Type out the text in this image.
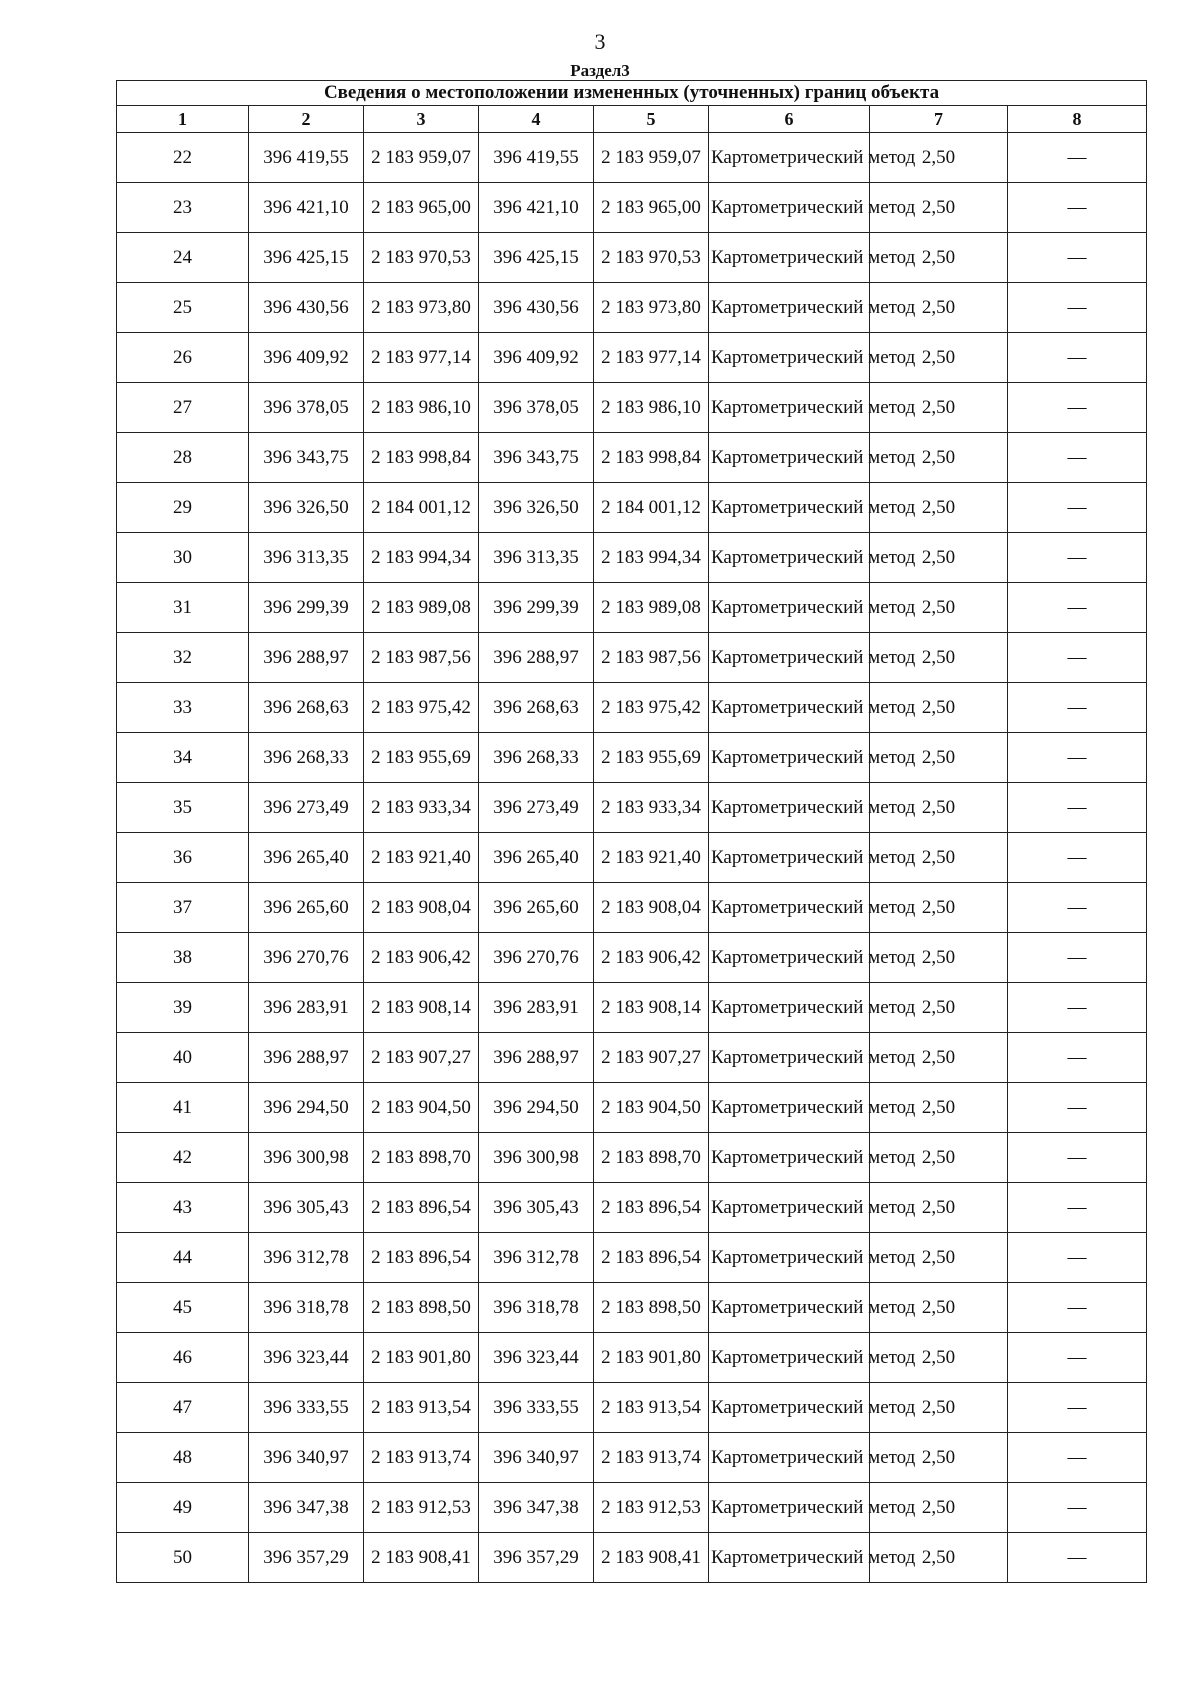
3
Раздел3
Сведения о местоположении измененных (уточненных) границ объекта							
1	2	3	4	5	6	7	8
22	396 419,55	2 183 959,07	396 419,55	2 183 959,07	Картометрический метод	2,50	—
23	396 421,10	2 183 965,00	396 421,10	2 183 965,00	Картометрический метод	2,50	—
24	396 425,15	2 183 970,53	396 425,15	2 183 970,53	Картометрический метод	2,50	—
25	396 430,56	2 183 973,80	396 430,56	2 183 973,80	Картометрический метод	2,50	—
26	396 409,92	2 183 977,14	396 409,92	2 183 977,14	Картометрический метод	2,50	—
27	396 378,05	2 183 986,10	396 378,05	2 183 986,10	Картометрический метод	2,50	—
28	396 343,75	2 183 998,84	396 343,75	2 183 998,84	Картометрический метод	2,50	—
29	396 326,50	2 184 001,12	396 326,50	2 184 001,12	Картометрический метод	2,50	—
30	396 313,35	2 183 994,34	396 313,35	2 183 994,34	Картометрический метод	2,50	—
31	396 299,39	2 183 989,08	396 299,39	2 183 989,08	Картометрический метод	2,50	—
32	396 288,97	2 183 987,56	396 288,97	2 183 987,56	Картометрический метод	2,50	—
33	396 268,63	2 183 975,42	396 268,63	2 183 975,42	Картометрический метод	2,50	—
34	396 268,33	2 183 955,69	396 268,33	2 183 955,69	Картометрический метод	2,50	—
35	396 273,49	2 183 933,34	396 273,49	2 183 933,34	Картометрический метод	2,50	—
36	396 265,40	2 183 921,40	396 265,40	2 183 921,40	Картометрический метод	2,50	—
37	396 265,60	2 183 908,04	396 265,60	2 183 908,04	Картометрический метод	2,50	—
38	396 270,76	2 183 906,42	396 270,76	2 183 906,42	Картометрический метод	2,50	—
39	396 283,91	2 183 908,14	396 283,91	2 183 908,14	Картометрический метод	2,50	—
40	396 288,97	2 183 907,27	396 288,97	2 183 907,27	Картометрический метод	2,50	—
41	396 294,50	2 183 904,50	396 294,50	2 183 904,50	Картометрический метод	2,50	—
42	396 300,98	2 183 898,70	396 300,98	2 183 898,70	Картометрический метод	2,50	—
43	396 305,43	2 183 896,54	396 305,43	2 183 896,54	Картометрический метод	2,50	—
44	396 312,78	2 183 896,54	396 312,78	2 183 896,54	Картометрический метод	2,50	—
45	396 318,78	2 183 898,50	396 318,78	2 183 898,50	Картометрический метод	2,50	—
46	396 323,44	2 183 901,80	396 323,44	2 183 901,80	Картометрический метод	2,50	—
47	396 333,55	2 183 913,54	396 333,55	2 183 913,54	Картометрический метод	2,50	—
48	396 340,97	2 183 913,74	396 340,97	2 183 913,74	Картометрический метод	2,50	—
49	396 347,38	2 183 912,53	396 347,38	2 183 912,53	Картометрический метод	2,50	—
50	396 357,29	2 183 908,41	396 357,29	2 183 908,41	Картометрический метод	2,50	—
